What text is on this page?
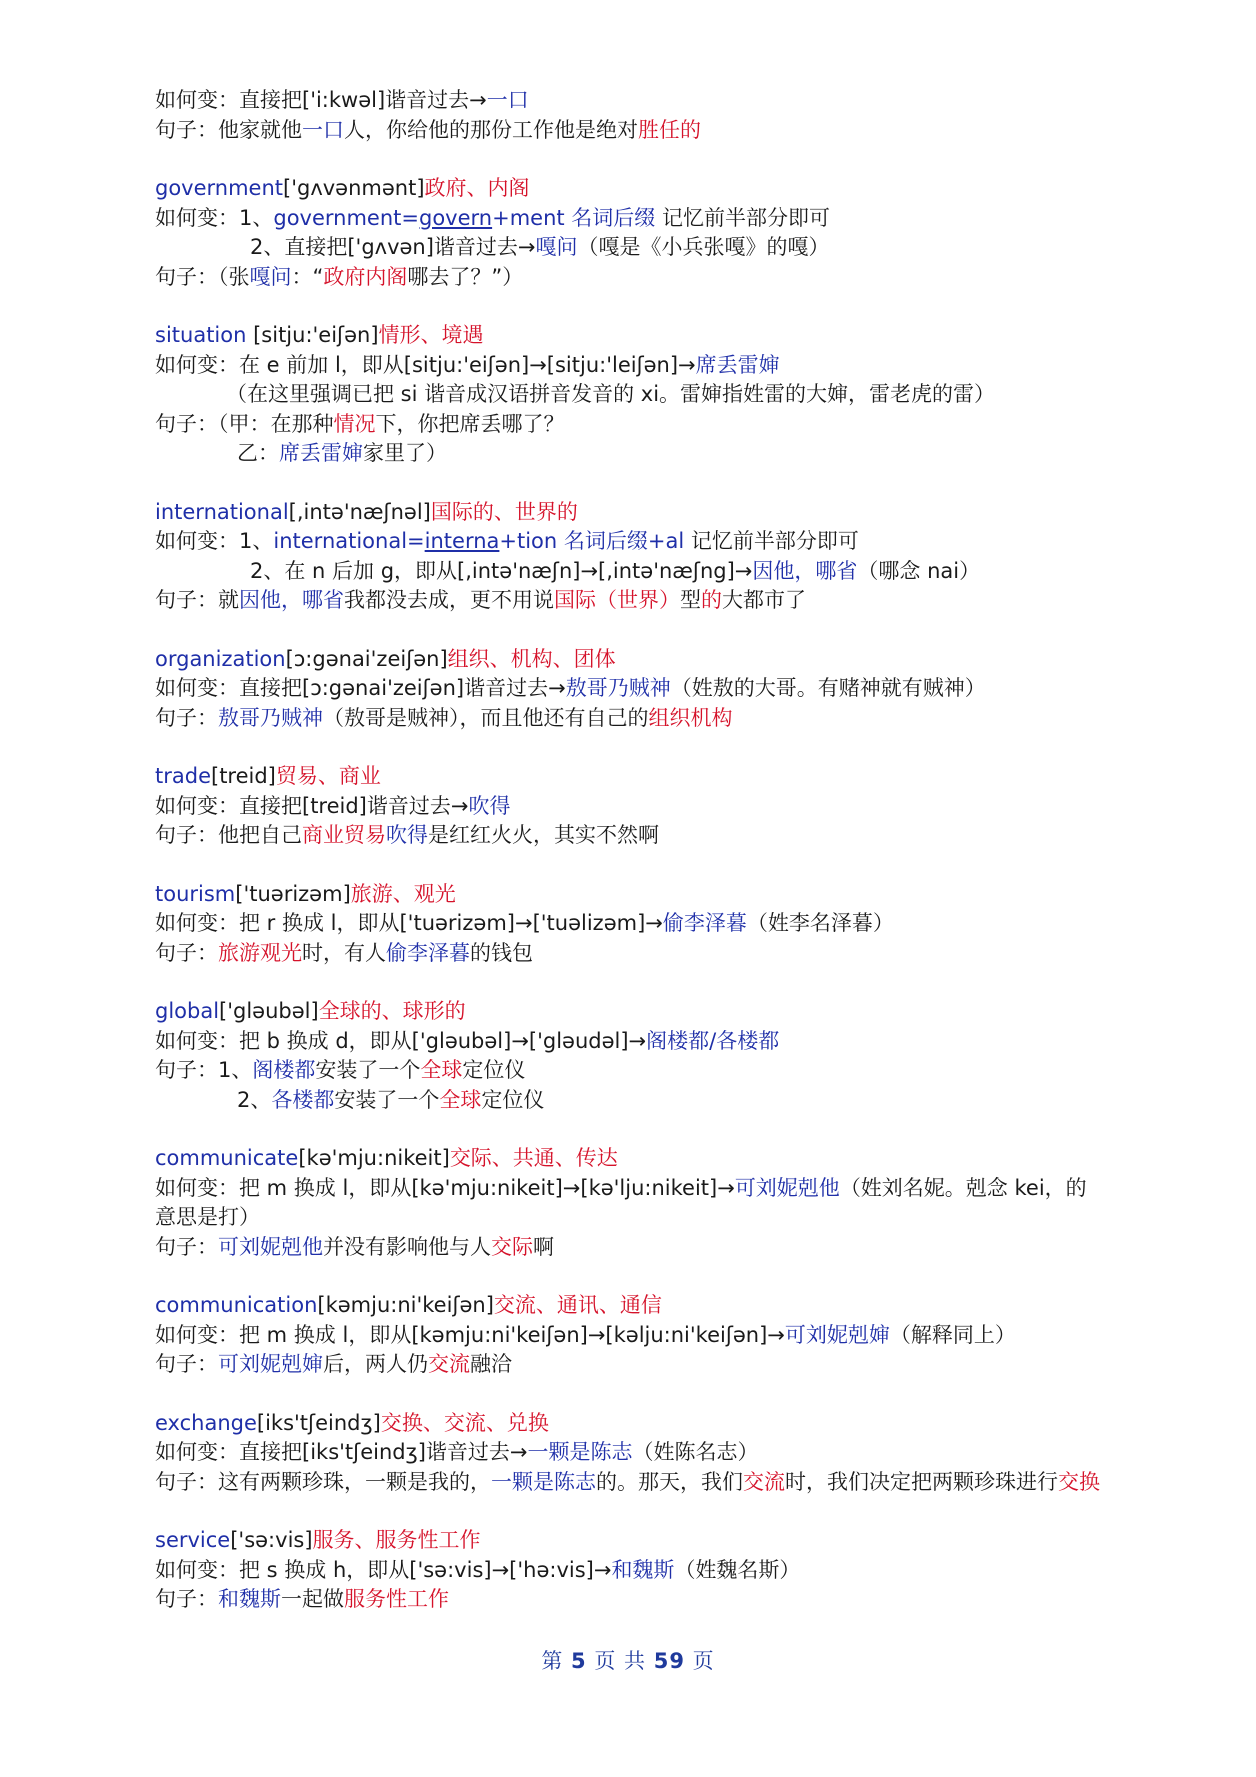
如何变：直接把['i:kwəl]谐音过去→一口
句子：他家就他一口人，你给他的那份工作他是绝对胜任的
government['gʌvənmənt]政府、内阁
如何变：1、government=govern+ment 名词后缀 记忆前半部分即可
2、直接把['gʌvən]谐音过去→嘎问（嘎是《小兵张嘎》的嘎）
句子：（张嘎问：“政府内阁哪去了？”）
situation [sitju:'eiʃən]情形、境遇
如何变：在 e 前加 l，即从[sitju:'eiʃən]→[sitju:'leiʃən]→席丢雷婶
（在这里强调已把 si 谐音成汉语拼音发音的 xi。雷婶指姓雷的大婶，雷老虎的雷）
句子：（甲：在那种情况下，你把席丢哪了？
乙：席丢雷婶家里了）
international[,intə'næʃnəl]国际的、世界的
如何变：1、international=interna+tion 名词后缀+al 记忆前半部分即可
2、在 n 后加 g，即从[,intə'næʃn]→[,intə'næʃng]→因他，哪省（哪念 nai）
句子：就因他，哪省我都没去成，更不用说国际（世界）型的大都市了
organization[ɔ:gənai'zeiʃən]组织、机构、团体
如何变：直接把[ɔ:gənai'zeiʃən]谐音过去→敖哥乃贼神（姓敖的大哥。有赌神就有贼神）
句子：敖哥乃贼神（敖哥是贼神），而且他还有自己的组织机构
trade[treid]贸易、商业
如何变：直接把[treid]谐音过去→吹得
句子：他把自己商业贸易吹得是红红火火，其实不然啊
tourism['tuərizəm]旅游、观光
如何变：把 r 换成 l，即从['tuərizəm]→['tuəlizəm]→偷李泽暮（姓李名泽暮）
句子：旅游观光时，有人偷李泽暮的钱包
global['gləubəl]全球的、球形的
如何变：把 b 换成 d，即从['gləubəl]→['gləudəl]→阁楼都/各楼都
句子：1、阁楼都安装了一个全球定位仪
2、各楼都安装了一个全球定位仪
communicate[kə'mju:nikeit]交际、共通、传达
如何变：把 m 换成 l，即从[kə'mju:nikeit]→[kə'lju:nikeit]→可刘妮剋他（姓刘名妮。剋念 kei，的意思是打）
句子：可刘妮剋他并没有影响他与人交际啊
communication[kəmju:ni'keiʃən]交流、通讯、通信
如何变：把 m 换成 l，即从[kəmju:ni'keiʃən]→[kəlju:ni'keiʃən]→可刘妮剋婶（解释同上）
句子：可刘妮剋婶后，两人仍交流融洽
exchange[iks'tʃeindʒ]交换、交流、兑换
如何变：直接把[iks'tʃeindʒ]谐音过去→一颗是陈志（姓陈名志）
句子：这有两颗珍珠，一颗是我的，一颗是陈志的。那天，我们交流时，我们决定把两颗珍珠进行交换
service['sə:vis]服务、服务性工作
如何变：把 s 换成 h，即从['sə:vis]→['hə:vis]→和魏斯（姓魏名斯）
句子：和魏斯一起做服务性工作
第 5 页 共 59 页
